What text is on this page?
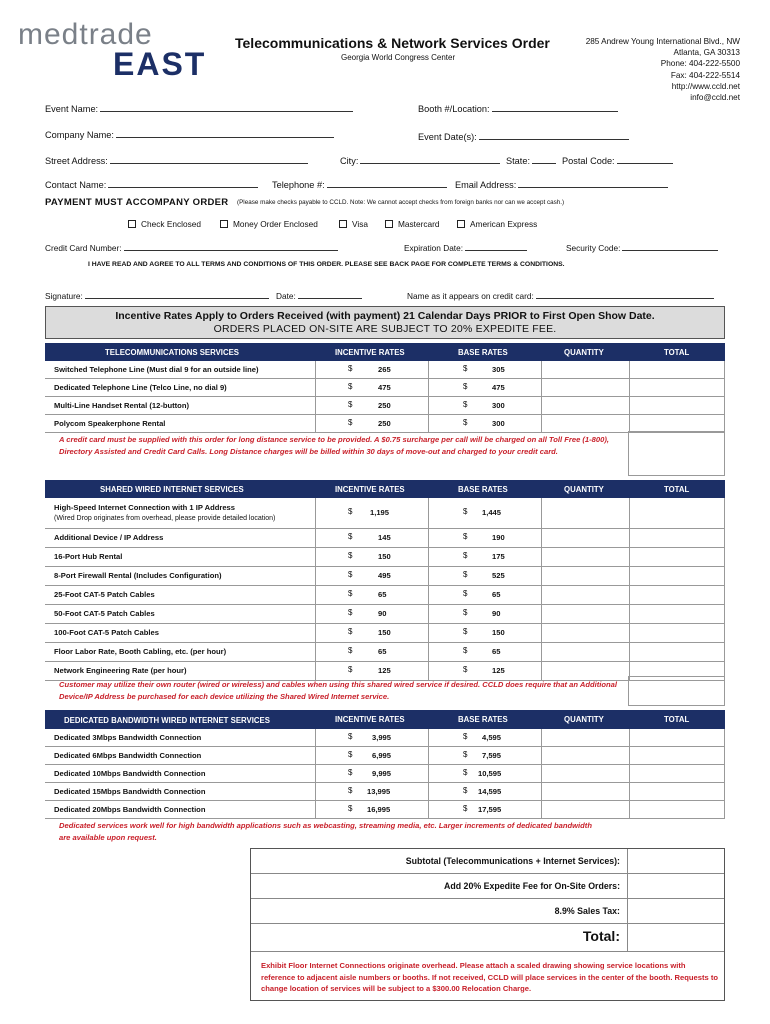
medtrade
EAST
Telecommunications & Network Services Order
Georgia World Congress Center
285 Andrew Young International Blvd., NW
Atlanta, GA 30313
Phone: 404-222-5500
Fax: 404-222-5514
http://www.ccld.net
info@ccld.net
Event Name:	Booth #/Location:
Company Name:	Event Date(s):
Street Address:	City:	State:	Postal Code:
Contact Name:	Telephone #:	Email Address:
PAYMENT MUST ACCOMPANY ORDER (Please make checks payable to CCLD. Note: We cannot accept checks from foreign banks nor can we accept cash.)
Check Enclosed	Money Order Enclosed	Visa	Mastercard	American Express
Credit Card Number:	Expiration Date:	Security Code:
I HAVE READ AND AGREE TO ALL TERMS AND CONDITIONS OF THIS ORDER. PLEASE SEE BACK PAGE FOR COMPLETE TERMS & CONDITIONS.
Signature:	Date:	Name as it appears on credit card:
Incentive Rates Apply to Orders Received (with payment) 21 Calendar Days PRIOR to First Open Show Date.
ORDERS PLACED ON-SITE ARE SUBJECT TO 20% EXPEDITE FEE.
TELECOMMUNICATIONS SERVICES	INCENTIVE RATES	BASE RATES	QUANTITY	TOTAL
Switched Telephone Line (Must dial 9 for an outside line)	$	265	$	305
Dedicated Telephone Line (Telco Line, no dial 9)	$	475	$	475
Multi-Line Handset Rental (12-button)	$	250	$	300
Polycom Speakerphone Rental	$	250	$	300
A credit card must be supplied with this order for long distance service to be provided. A $0.75 surcharge per call will be charged on all Toll Free (1-800), Directory Assisted and Credit Card Calls. Long Distance charges will be billed within 30 days of move-out and charged to your credit card.
SHARED WIRED INTERNET SERVICES	INCENTIVE RATES	BASE RATES	QUANTITY	TOTAL
High-Speed Internet Connection with 1 IP Address
(Wired Drop originates from overhead, please provide detailed location)
$ 1,195	$ 1,445
Additional Device / IP Address	$	145	$	190
16-Port Hub Rental	$	150	$	175
8-Port Firewall Rental (Includes Configuration)	$	495	$	525
25-Foot CAT-5 Patch Cables	$	65	$	65
50-Foot CAT-5 Patch Cables	$	90	$	90
100-Foot CAT-5 Patch Cables	$	150	$	150
Floor Labor Rate, Booth Cabling, etc. (per hour)	$	65	$	65
Network Engineering Rate (per hour)	$	125	$	125
Customer may utilize their own router (wired or wireless) and cables when using this shared wired service if desired. CCLD does require that an Additional Device/IP Address be purchased for each device utilizing the Shared Wired Internet service.
DEDICATED BANDWIDTH WIRED INTERNET SERVICES	INCENTIVE RATES	BASE RATES	QUANTITY	TOTAL
Dedicated 3Mbps Bandwidth Connection	$	3,995	$ 4,595
Dedicated 6Mbps Bandwidth Connection	$	6,995	$ 7,595
Dedicated 10Mbps Bandwidth Connection	$	9,995	$ 10,595
Dedicated 15Mbps Bandwidth Connection	$ 13,995	$ 14,595
Dedicated 20Mbps Bandwidth Connection	$ 16,995	$ 17,595
Dedicated services work well for high bandwidth applications such as webcasting, streaming media, etc. Larger increments of dedicated bandwidth are available upon request.
Subtotal (Telecommunications + Internet Services):
Add 20% Expedite Fee for On-Site Orders:
8.9% Sales Tax:
Total:
Exhibit Floor Internet Connections originate overhead. Please attach a scaled drawing showing service locations with reference to adjacent aisle numbers or booths. If not received, CCLD will place services in the center of the booth. Requests to change location of services will be subject to a $300.00 Relocation Charge.
